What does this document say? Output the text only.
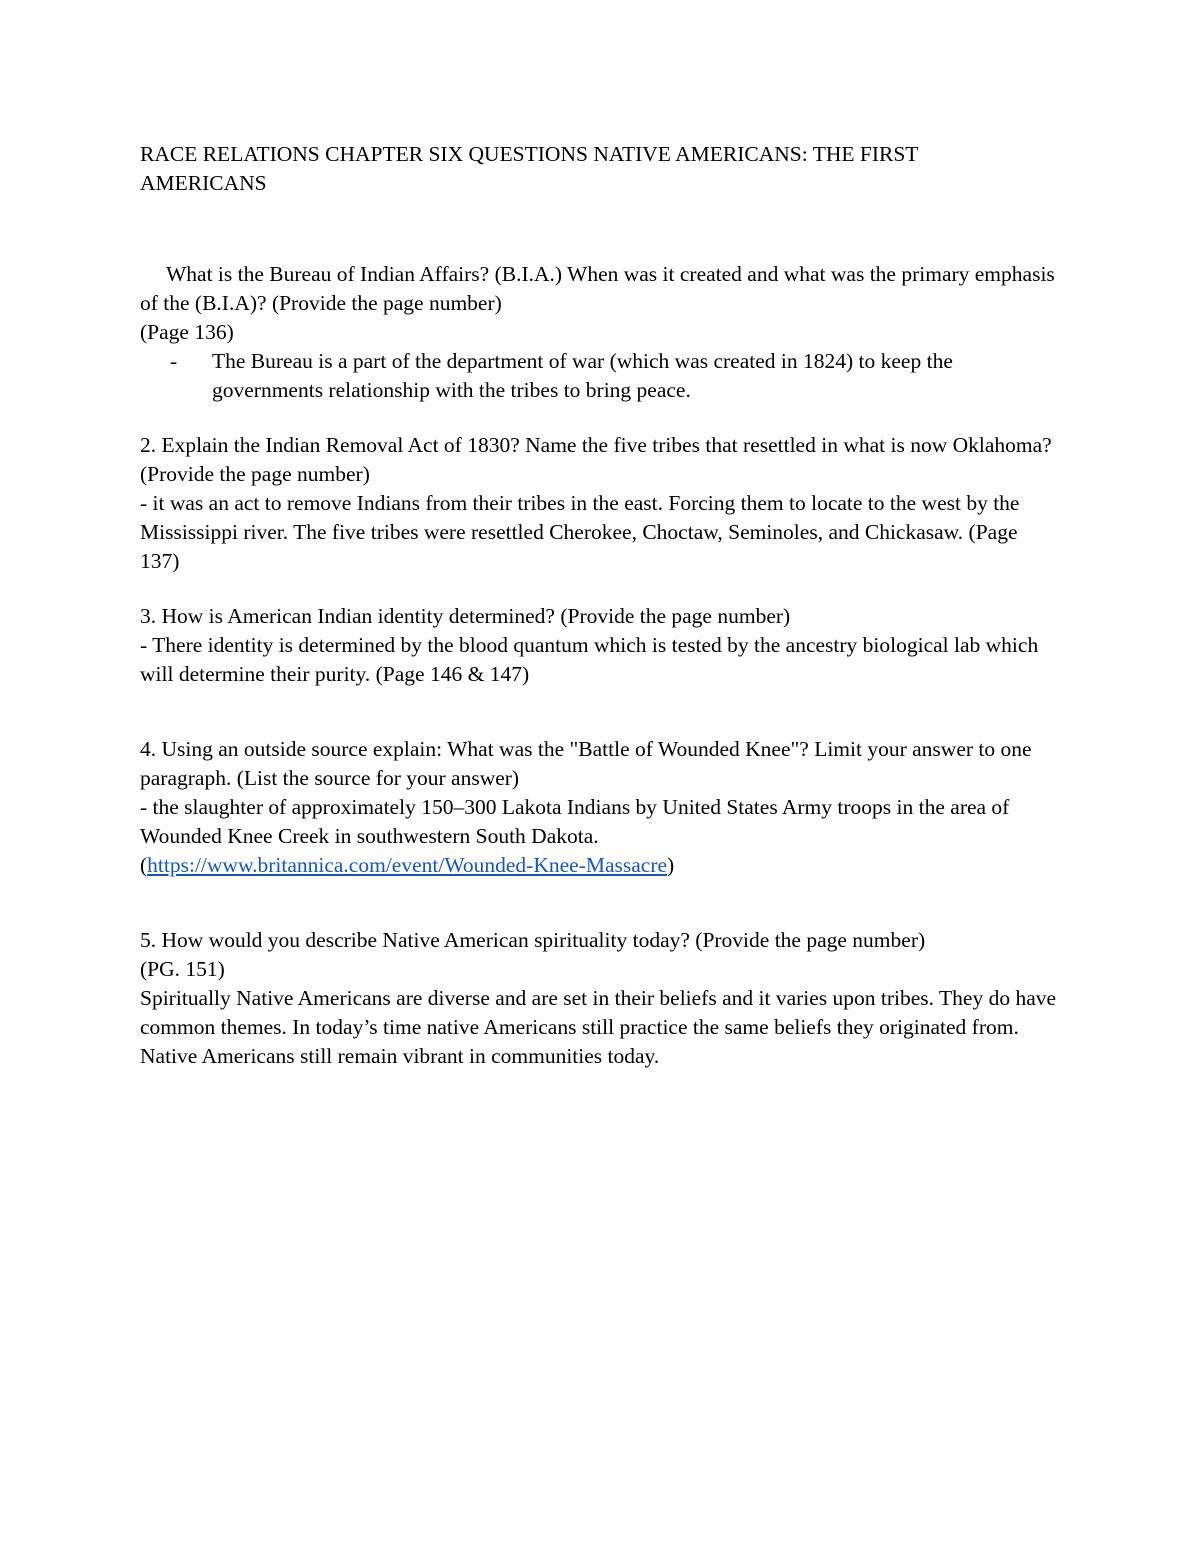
RACE RELATIONS CHAPTER SIX QUESTIONS NATIVE AMERICANS: THE FIRST AMERICANS

What is the Bureau of Indian Affairs? (B.I.A.) When was it created and what was the primary emphasis of the (B.I.A)? (Provide the page number)

(Page 136)

-	The Bureau is a part of the department of war (which was created in 1824) to keep the governments relationship with the tribes to bring peace.

2. Explain the Indian Removal Act of 1830? Name the five tribes that resettled in what is now Oklahoma? (Provide the page number)

- it was an act to remove Indians from their tribes in the east. Forcing them to locate to the west by the Mississippi river. The five tribes were resettled Cherokee, Choctaw, Seminoles, and Chickasaw. (Page 137)

3. How is American Indian identity determined? (Provide the page number)

- There identity is determined by the blood quantum which is tested by the ancestry biological lab which will determine their purity. (Page 146 & 147)

4. Using an outside source explain: What was the "Battle of Wounded Knee"? Limit your answer to one paragraph. (List the source for your answer)

- the slaughter of approximately 150–300 Lakota Indians by United States Army troops in the area of Wounded Knee Creek in southwestern South Dakota.

(https://www.britannica.com/event/Wounded-Knee-Massacre)

5. How would you describe Native American spirituality today? (Provide the page number)

(PG. 151)

Spiritually Native Americans are diverse and are set in their beliefs and it varies upon tribes. They do have common themes. In today’s time native Americans still practice the same beliefs they originated from. Native Americans still remain vibrant in communities today.
